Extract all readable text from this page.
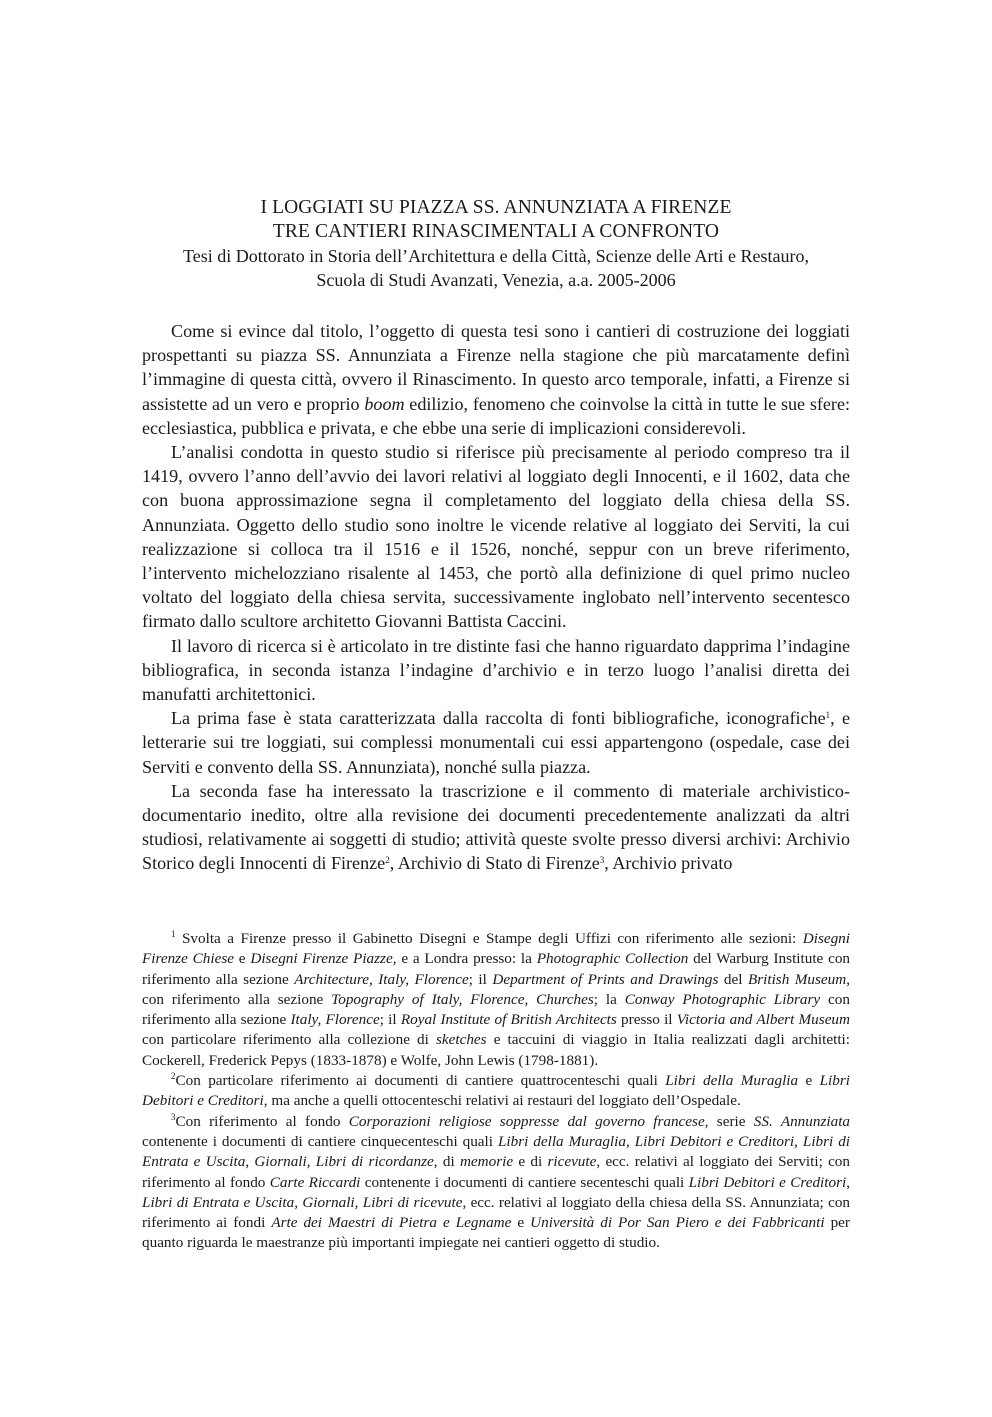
I LOGGIATI SU PIAZZA SS. ANNUNZIATA A FIRENZE
TRE CANTIERI RINASCIMENTALI A CONFRONTO
Tesi di Dottorato in Storia dell’Architettura e della Città, Scienze delle Arti e Restauro,
Scuola di Studi Avanzati, Venezia, a.a. 2005-2006

Come si evince dal titolo, l’oggetto di questa tesi sono i cantieri di costruzione dei loggiati prospettanti su piazza SS. Annunziata a Firenze nella stagione che più marcatamente definì l’immagine di questa città, ovvero il Rinascimento. In questo arco temporale, infatti, a Firenze si assistette ad un vero e proprio boom edilizio, fenomeno che coinvolse la città in tutte le sue sfere: ecclesiastica, pubblica e privata, e che ebbe una serie di implicazioni considerevoli.

L’analisi condotta in questo studio si riferisce più precisamente al periodo compreso tra il 1419, ovvero l’anno dell’avvio dei lavori relativi al loggiato degli Innocenti, e il 1602, data che con buona approssimazione segna il completamento del loggiato della chiesa della SS. Annunziata. Oggetto dello studio sono inoltre le vicende relative al loggiato dei Serviti, la cui realizzazione si colloca tra il 1516 e il 1526, nonché, seppur con un breve riferimento, l’intervento michelozziano risalente al 1453, che portò alla definizione di quel primo nucleo voltato del loggiato della chiesa servita, successivamente inglobato nell’intervento secentesco firmato dallo scultore architetto Giovanni Battista Caccini.

Il lavoro di ricerca si è articolato in tre distinte fasi che hanno riguardato dapprima l’indagine bibliografica, in seconda istanza l’indagine d’archivio e in terzo luogo l’analisi diretta dei manufatti architettonici.

La prima fase è stata caratterizzata dalla raccolta di fonti bibliografiche, iconografiche$^1$, e letterarie sui tre loggiati, sui complessi monumentali cui essi appartengono (ospedale, case dei Serviti e convento della SS. Annunziata), nonché sulla piazza.

La seconda fase ha interessato la trascrizione e il commento di materiale archivistico-documentario inedito, oltre alla revisione dei documenti precedentemente analizzati da altri studiosi, relativamente ai soggetti di studio; attività queste svolte presso diversi archivi: Archivio Storico degli Innocenti di Firenze$^2$, Archivio di Stato di Firenze$^3$, Archivio privato

$^1$ Svolta a Firenze presso il Gabinetto Disegni e Stampe degli Uffizi con riferimento alle sezioni: Disegni Firenze Chiese e Disegni Firenze Piazze, e a Londra presso: la Photographic Collection del Warburg Institute con riferimento alla sezione Architecture, Italy, Florence; il Department of Prints and Drawings del British Museum, con riferimento alla sezione Topography of Italy, Florence, Churches; la Conway Photographic Library con riferimento alla sezione Italy, Florence; il Royal Institute of British Architects presso il Victoria and Albert Museum con particolare riferimento alla collezione di sketches e taccuini di viaggio in Italia realizzati dagli architetti: Cockerell, Frederick Pepys (1833-1878) e Wolfe, John Lewis (1798-1881).

$^2$Con particolare riferimento ai documenti di cantiere quattrocenteschi quali Libri della Muraglia e Libri Debitori e Creditori, ma anche a quelli ottocenteschi relativi ai restauri del loggiato dell’Ospedale.

$^3$Con riferimento al fondo Corporazioni religiose soppresse dal governo francese, serie SS. Annunziata contenente i documenti di cantiere cinquecenteschi quali Libri della Muraglia, Libri Debitori e Creditori, Libri di Entrata e Uscita, Giornali, Libri di ricordanze, di memorie e di ricevute, ecc. relativi al loggiato dei Serviti; con riferimento al fondo Carte Riccardi contenente i documenti di cantiere secenteschi quali Libri Debitori e Creditori, Libri di Entrata e Uscita, Giornali, Libri di ricevute, ecc. relativi al loggiato della chiesa della SS. Annunziata; con riferimento ai fondi Arte dei Maestri di Pietra e Legname e Università di Por San Piero e dei Fabbricanti per quanto riguarda le maestranze più importanti impiegate nei cantieri oggetto di studio.
